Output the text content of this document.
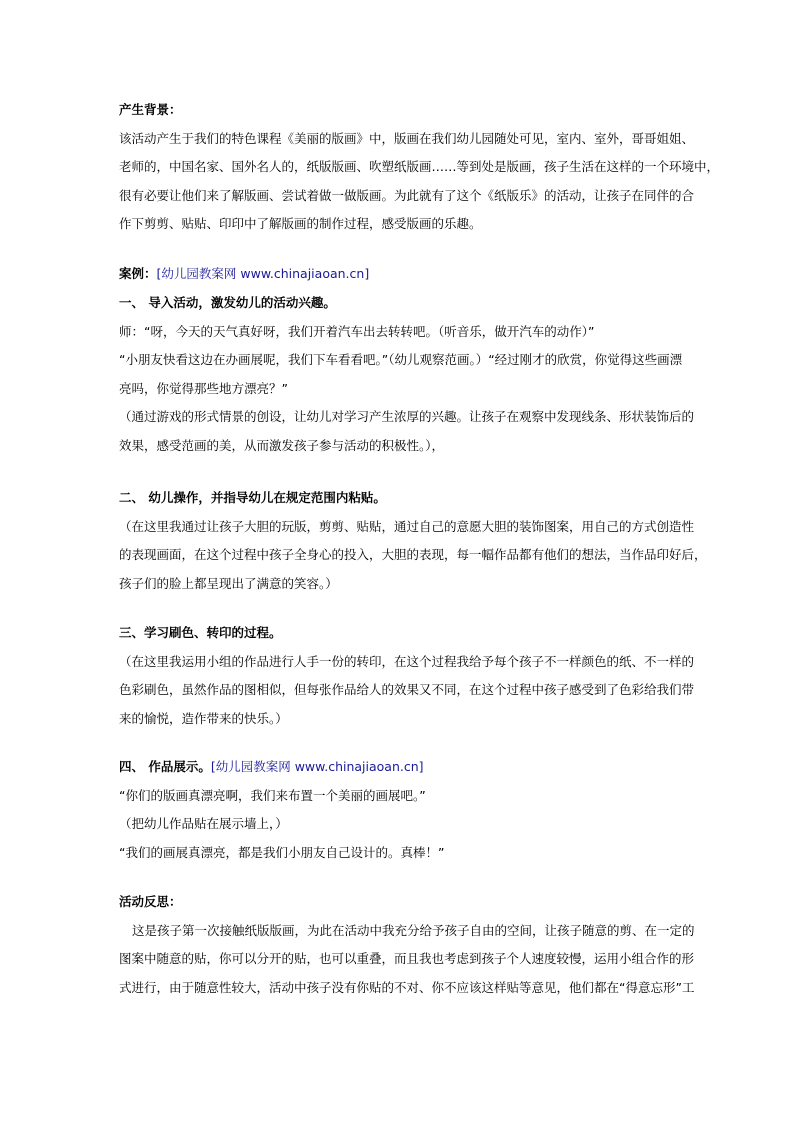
产生背景：
该活动产生于我们的特色课程《美丽的版画》中，版画在我们幼儿园随处可见，室内、室外，哥哥姐姐、
老师的，中国名家、国外名人的，纸版版画、吹塑纸版画……等到处是版画，孩子生活在这样的一个环境中，
很有必要让他们来了解版画、尝试着做一做版画。为此就有了这个《纸版乐》的活动，让孩子在同伴的合
作下剪剪、贴贴、印印中了解版画的制作过程，感受版画的乐趣。
案例：[幼儿园教案网 www.chinajiaoan.cn]
一、 导入活动，激发幼儿的活动兴趣。
师：“呀，今天的天气真好呀，我们开着汽车出去转转吧。（听音乐，做开汽车的动作）”
“小朋友快看这边在办画展呢，我们下车看看吧。”（幼儿观察范画。）“经过刚才的欣赏，你觉得这些画漂
亮吗，你觉得那些地方漂亮？”
（通过游戏的形式情景的创设，让幼儿对学习产生浓厚的兴趣。让孩子在观察中发现线条、形状装饰后的
效果，感受范画的美，从而激发孩子参与活动的积极性。），
二、 幼儿操作，并指导幼儿在规定范围内粘贴。
（在这里我通过让孩子大胆的玩版，剪剪、贴贴，通过自己的意愿大胆的装饰图案，用自己的方式创造性
的表现画面，在这个过程中孩子全身心的投入，大胆的表现，每一幅作品都有他们的想法，当作品印好后，
孩子们的脸上都呈现出了满意的笑容。）
三、学习刷色、转印的过程。
（在这里我运用小组的作品进行人手一份的转印，在这个过程我给予每个孩子不一样颜色的纸、不一样的
色彩刷色，虽然作品的图相似，但每张作品给人的效果又不同，在这个过程中孩子感受到了色彩给我们带
来的愉悦，造作带来的快乐。）
四、 作品展示。[幼儿园教案网 www.chinajiaoan.cn]
“你们的版画真漂亮啊，我们来布置一个美丽的画展吧。”
（把幼儿作品贴在展示墙上，）
“我们的画展真漂亮，都是我们小朋友自己设计的。真棒！”
活动反思：
这是孩子第一次接触纸版版画，为此在活动中我充分给予孩子自由的空间，让孩子随意的剪、在一定的
图案中随意的贴，你可以分开的贴，也可以重叠，而且我也考虑到孩子个人速度较慢，运用小组合作的形
式进行，由于随意性较大，活动中孩子没有你贴的不对、你不应该这样贴等意见，他们都在“得意忘形”工
